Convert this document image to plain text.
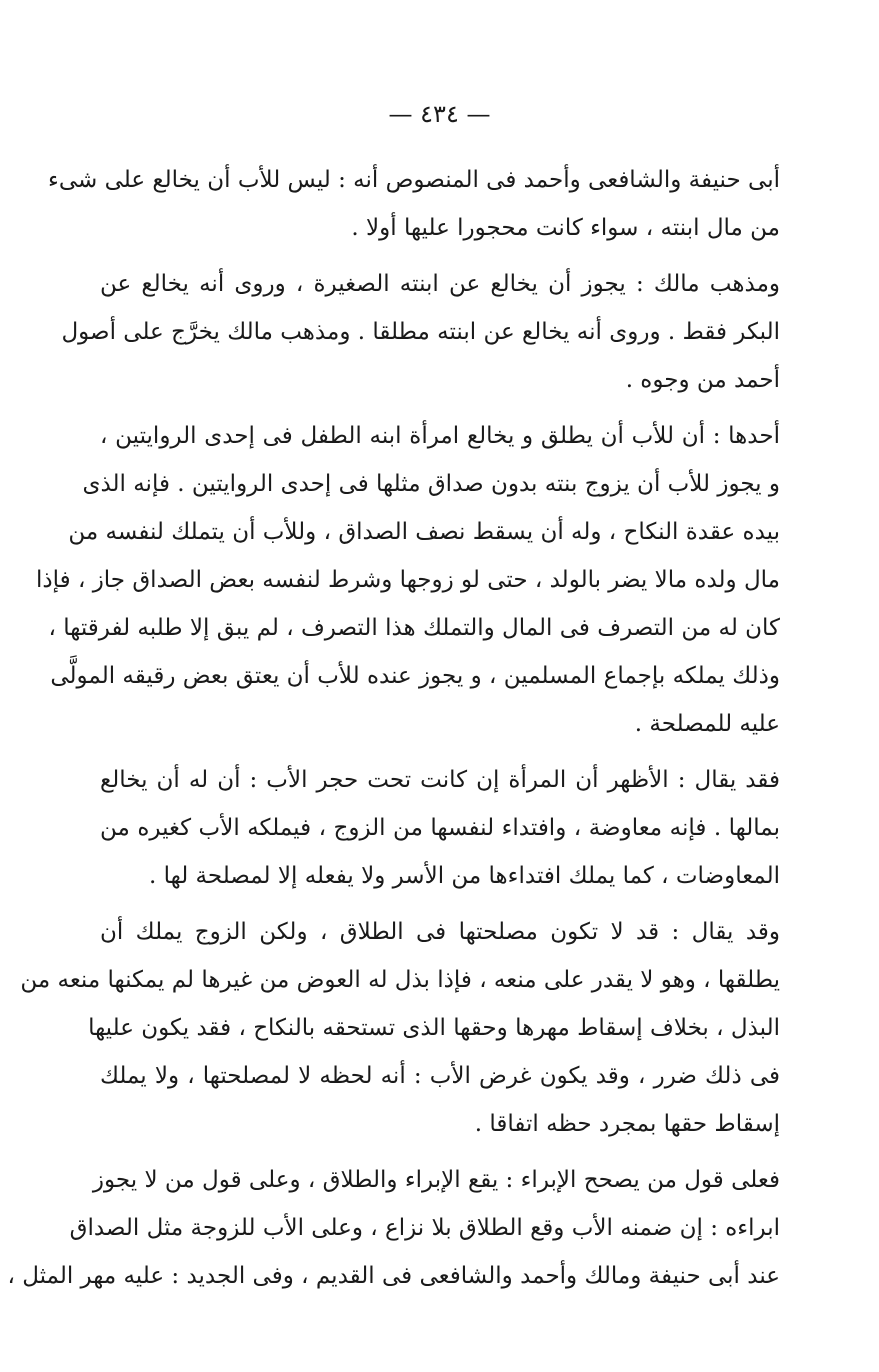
— ٤٣٤ —

أبى حنيفة والشافعى وأحمد فى المنصوص أنه : ليس للأب أن يخالع على شىء
من مال ابنته ، سواء كانت محجورا عليها أولا .

ومذهب مالك : يجوز أن يخالع عن ابنته الصغيرة ، وروى أنه يخالع عن
البكر فقط . وروى أنه يخالع عن ابنته مطلقا . ومذهب مالك يخرَّج على أصول
أحمد من وجوه .

أحدها : أن للأب أن يطلق و يخالع امرأة ابنه الطفل فى إحدى الروايتين ،
و يجوز للأب أن يزوج بنته بدون صداق مثلها فى إحدى الروايتين . فإنه الذى
بيده عقدة النكاح ، وله أن يسقط نصف الصداق ، وللأب أن يتملك لنفسه من
مال ولده مالا يضر بالولد ، حتى لو زوجها وشرط لنفسه بعض الصداق جاز ، فإذا
كان له من التصرف فى المال والتملك هذا التصرف ، لم يبق إلا طلبه لفرقتها ،
وذلك يملكه بإجماع المسلمين ، و يجوز عنده للأب أن يعتق بعض رقيقه المولَّى
عليه للمصلحة .

فقد يقال : الأظهر أن المرأة إن كانت تحت حجر الأب : أن له أن يخالع
بمالها . فإنه معاوضة ، وافتداء لنفسها من الزوج ، فيملكه الأب كغيره من
المعاوضات ، كما يملك افتداءها من الأسر ولا يفعله إلا لمصلحة لها .

وقد يقال : قد لا تكون مصلحتها فى الطلاق ، ولكن الزوج يملك أن
يطلقها ، وهو لا يقدر على منعه ، فإذا بذل له العوض من غيرها لم يمكنها منعه من
البذل ، بخلاف إسقاط مهرها وحقها الذى تستحقه بالنكاح ، فقد يكون عليها
فى ذلك ضرر ، وقد يكون غرض الأب : أنه لحظه لا لمصلحتها ، ولا يملك
إسقاط حقها بمجرد حظه اتفاقا .

فعلى قول من يصحح الإبراء : يقع الإبراء والطلاق ، وعلى قول من لا يجوز
ابراءه : إن ضمنه الأب وقع الطلاق بلا نزاع ، وعلى الأب للزوجة مثل الصداق
عند أبى حنيفة ومالك وأحمد والشافعى فى القديم ، وفى الجديد : عليه مهر المثل ،
